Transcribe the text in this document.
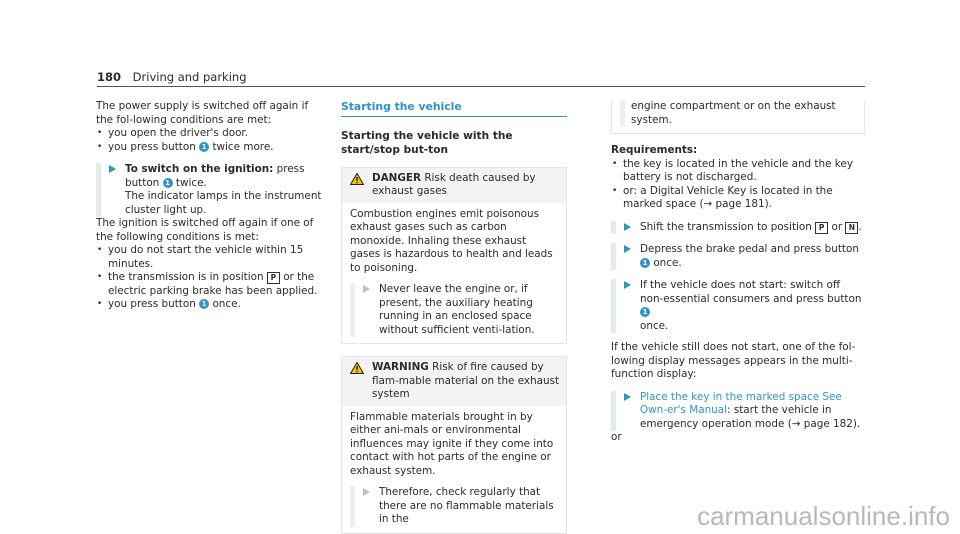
180 Driving and parking

The power supply is switched off again if the fol-lowing conditions are met:

• you open the driver's door.

• you press button 1 twice more.

To switch on the ignition: press button 1 twice.
The indicator lamps in the instrument cluster light up.

The ignition is switched off again if one of the following conditions is met:

• you do not start the vehicle within 15 minutes.

• the transmission is in position P or the electric parking brake has been applied.

• you press button 1 once.

Starting the vehicle

Starting the vehicle with the start/stop but-ton

DANGER Risk death caused by exhaust gases

Combustion engines emit poisonous exhaust gases such as carbon monoxide. Inhaling these exhaust gases is hazardous to health and leads to poisoning.

Never leave the engine or, if present, the auxiliary heating running in an enclosed space without sufficient venti-lation.

WARNING Risk of fire caused by flam-mable material on the exhaust system

Flammable materials brought in by either ani-mals or environmental influences may ignite if they come into contact with hot parts of the engine or exhaust system.

Therefore, check regularly that there are no flammable materials in the

engine compartment or on the exhaust system.

Requirements:

• the key is located in the vehicle and the key battery is not discharged.

• or: a Digital Vehicle Key is located in the marked space (→ page 181).

Shift the transmission to position P or N .

Depress the brake pedal and press button
1 once.

If the vehicle does not start: switch off non-essential consumers and press button 1
once.

If the vehicle still does not start, one of the fol-lowing display messages appears in the multi-function display:

Place the key in the marked space See Own-er's Manual: start the vehicle in emergency operation mode (→ page 182).

or

carmanualsonline.info
